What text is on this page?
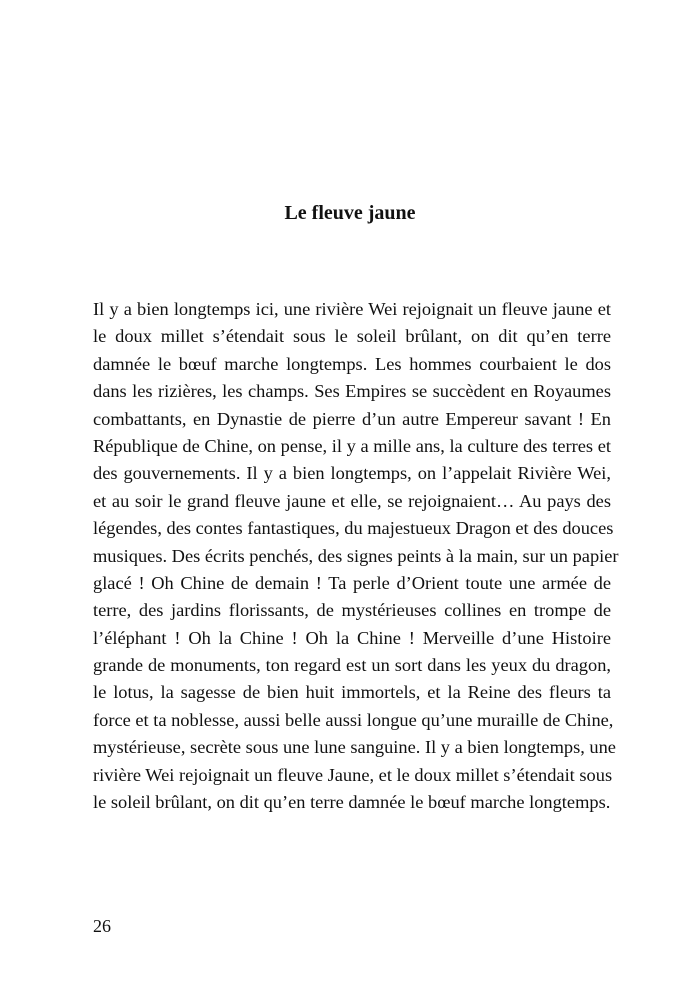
Le fleuve jaune
Il y a bien longtemps ici, une rivière Wei rejoignait un fleuve jaune et
le doux millet s’étendait sous le soleil brûlant, on dit qu’en terre
damnée le bœuf marche longtemps. Les hommes courbaient le dos
dans les rizières, les champs. Ses Empires se succèdent en Royaumes
combattants, en Dynastie de pierre d’un autre Empereur savant ! En
République de Chine, on pense, il y a mille ans, la culture des terres et
des gouvernements. Il y a bien longtemps, on l’appelait Rivière Wei,
et au soir le grand fleuve jaune et elle, se rejoignaient… Au pays des
légendes, des contes fantastiques, du majestueux Dragon et des douces
musiques. Des écrits penchés, des signes peints à la main, sur un papier
glacé ! Oh Chine de demain ! Ta perle d’Orient toute une armée de
terre, des jardins florissants, de mystérieuses collines en trompe de
l’éléphant ! Oh la Chine ! Oh la Chine ! Merveille d’une Histoire
grande de monuments, ton regard est un sort dans les yeux du dragon,
le lotus, la sagesse de bien huit immortels, et la Reine des fleurs ta
force et ta noblesse, aussi belle aussi longue qu’une muraille de Chine,
mystérieuse, secrète sous une lune sanguine. Il y a bien longtemps, une
rivière Wei rejoignait un fleuve Jaune, et le doux millet s’étendait sous
le soleil brûlant, on dit qu’en terre damnée le bœuf marche longtemps.
26
